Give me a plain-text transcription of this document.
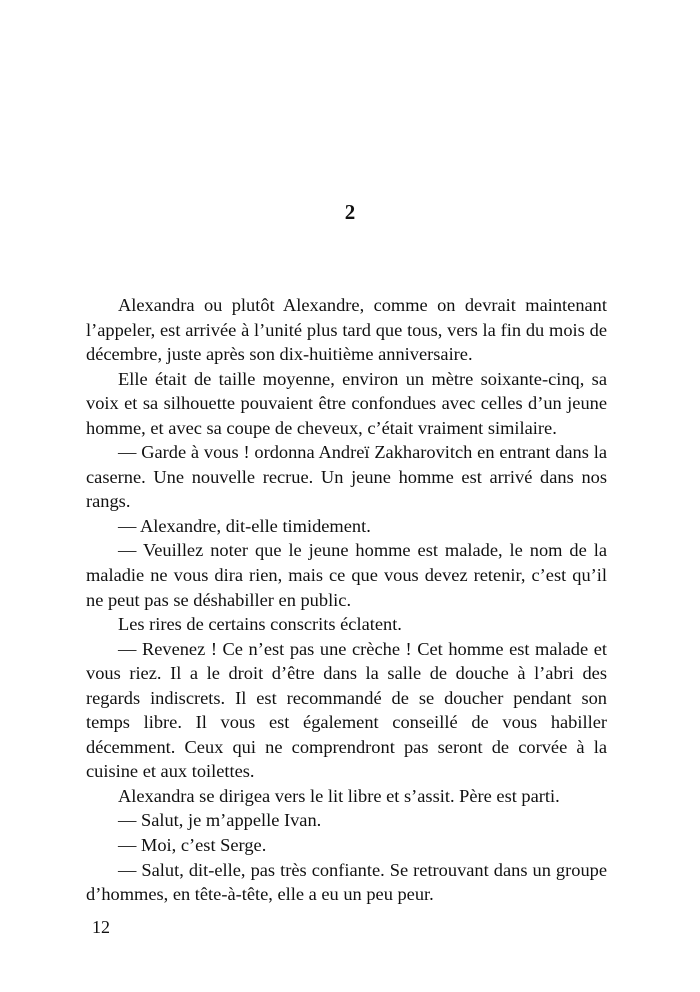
2

Alexandra ou plutôt Alexandre, comme on devrait maintenant l’appeler, est arrivée à l’unité plus tard que tous, vers la fin du mois de décembre, juste après son dix-huitième anniversaire.

Elle était de taille moyenne, environ un mètre soixante-cinq, sa voix et sa silhouette pouvaient être confondues avec celles d’un jeune homme, et avec sa coupe de cheveux, c’était vraiment similaire.

— Garde à vous ! ordonna Andreï Zakharovitch en entrant dans la caserne. Une nouvelle recrue. Un jeune homme est arrivé dans nos rangs.

— Alexandre, dit-elle timidement.

— Veuillez noter que le jeune homme est malade, le nom de la maladie ne vous dira rien, mais ce que vous devez retenir, c’est qu’il ne peut pas se déshabiller en public.

Les rires de certains conscrits éclatent.

— Revenez ! Ce n’est pas une crèche ! Cet homme est malade et vous riez. Il a le droit d’être dans la salle de douche à l’abri des regards indiscrets. Il est recommandé de se doucher pendant son temps libre. Il vous est également conseillé de vous habiller décemment. Ceux qui ne comprendront pas seront de corvée à la cuisine et aux toilettes.

Alexandra se dirigea vers le lit libre et s’assit. Père est parti.

— Salut, je m’appelle Ivan.

— Moi, c’est Serge.

— Salut, dit-elle, pas très confiante. Se retrouvant dans un groupe d’hommes, en tête-à-tête, elle a eu un peu peur.

12
